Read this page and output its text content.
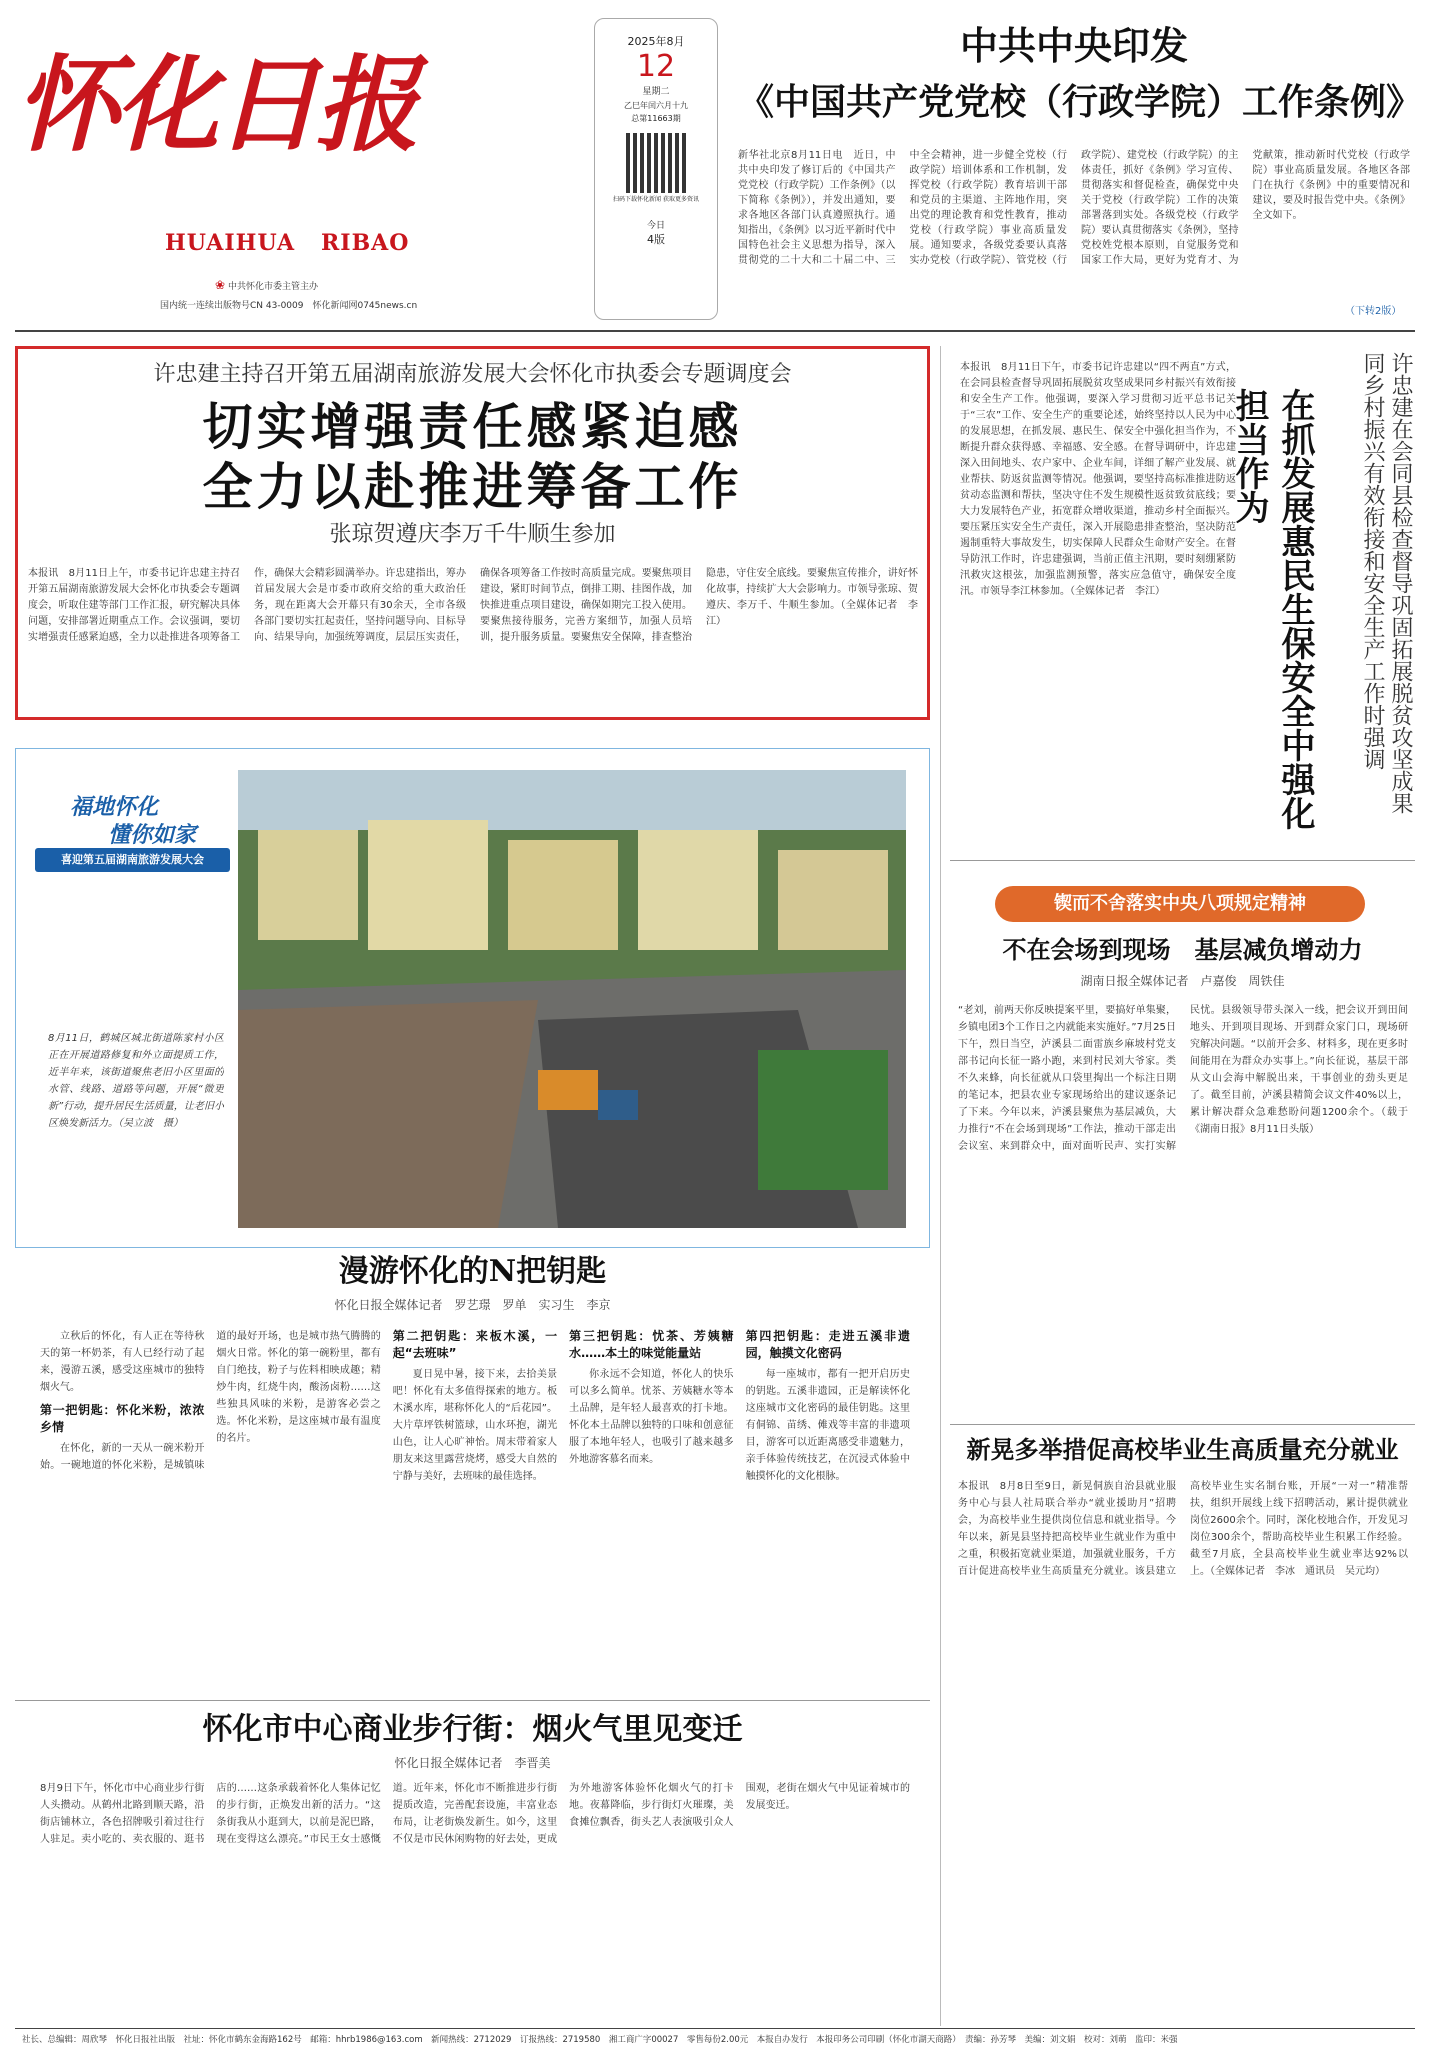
怀化日报
HUAIHUA   RIBAO
❀ 中共怀化市委主管主办
国内统一连续出版物号CN 43-0009　怀化新闻网0745news.cn
2025年8月
12
星期二
乙巳年闰六月十九
总第11663期
扫码下载怀化新闻 获取更多资讯
今日
4版
中共中央印发
《中国共产党党校（行政学院）工作条例》
新华社北京8月11日电　近日，中共中央印发了修订后的《中国共产党党校（行政学院）工作条例》（以下简称《条例》），并发出通知，要求各地区各部门认真遵照执行。通知指出，《条例》以习近平新时代中国特色社会主义思想为指导，深入贯彻党的二十大和二十届二中、三中全会精神，进一步健全党校（行政学院）培训体系和工作机制，发挥党校（行政学院）教育培训干部和党员的主渠道、主阵地作用，突出党的理论教育和党性教育，推动党校（行政学院）事业高质量发展。通知要求，各级党委要认真落实办党校（行政学院）、管党校（行政学院）、建党校（行政学院）的主体责任，抓好《条例》学习宣传、贯彻落实和督促检查，确保党中央关于党校（行政学院）工作的决策部署落到实处。各级党校（行政学院）要认真贯彻落实《条例》，坚持党校姓党根本原则，自觉服务党和国家工作大局，更好为党育才、为党献策，推动新时代党校（行政学院）事业高质量发展。各地区各部门在执行《条例》中的重要情况和建议，要及时报告党中央。《条例》全文如下。
（下转2版）
许忠建主持召开第五届湖南旅游发展大会怀化市执委会专题调度会
切实增强责任感紧迫感
全力以赴推进筹备工作
张琼贺遵庆李万千牛顺生参加
本报讯　8月11日上午，市委书记许忠建主持召开第五届湖南旅游发展大会怀化市执委会专题调度会，听取住建等部门工作汇报，研究解决具体问题，安排部署近期重点工作。会议强调，要切实增强责任感紧迫感，全力以赴推进各项筹备工作，确保大会精彩圆满举办。许忠建指出，筹办首届发展大会是市委市政府交给的重大政治任务，现在距离大会开幕只有30余天，全市各级各部门要切实扛起责任，坚持问题导向、目标导向、结果导向，加强统筹调度，层层压实责任，确保各项筹备工作按时高质量完成。要聚焦项目建设，紧盯时间节点，倒排工期、挂图作战，加快推进重点项目建设，确保如期完工投入使用。要聚焦接待服务，完善方案细节，加强人员培训，提升服务质量。要聚焦安全保障，排查整治隐患，守住安全底线。要聚焦宣传推介，讲好怀化故事，持续扩大大会影响力。市领导张琼、贺遵庆、李万千、牛顺生参加。（全媒体记者　李江）
本报讯　8月11日下午，市委书记许忠建以“四不两直”方式，在会同县检查督导巩固拓展脱贫攻坚成果同乡村振兴有效衔接和安全生产工作。他强调，要深入学习贯彻习近平总书记关于“三农”工作、安全生产的重要论述，始终坚持以人民为中心的发展思想，在抓发展、惠民生、保安全中强化担当作为，不断提升群众获得感、幸福感、安全感。在督导调研中，许忠建深入田间地头、农户家中、企业车间，详细了解产业发展、就业帮扶、防返贫监测等情况。他强调，要坚持高标准推进防返贫动态监测和帮扶，坚决守住不发生规模性返贫致贫底线；要大力发展特色产业，拓宽群众增收渠道，推动乡村全面振兴。要压紧压实安全生产责任，深入开展隐患排查整治，坚决防范遏制重特大事故发生，切实保障人民群众生命财产安全。在督导防汛工作时，许忠建强调，当前正值主汛期，要时刻绷紧防汛救灾这根弦，加强监测预警，落实应急值守，确保安全度汛。市领导李江林参加。（全媒体记者　李江）	在抓发展惠民生保安全中强化担当作为	许忠建在会同县检查督导巩固拓展脱贫攻坚成果同乡村振兴有效衔接和安全生产工作时强调
福地怀化
懂你如家
喜迎第五届湖南旅游发展大会
8月11日，鹤城区城北街道陈家村小区正在开展道路修复和外立面提质工作，近半年来，该街道聚焦老旧小区里面的水管、线路、道路等问题，开展“微更新”行动，提升居民生活质量，让老旧小区焕发新活力。（吴立波　摄）
漫游怀化的N把钥匙
怀化日报全媒体记者　罗艺璟　罗单　实习生　李京

立秋后的怀化，有人正在等待秋天的第一杯奶茶，有人已经行动了起来，漫游五溪，感受这座城市的独特烟火气。

第一把钥匙：怀化米粉，浓浓乡情

在怀化，新的一天从一碗米粉开始。一碗地道的怀化米粉，是城镇味道的最好开场，也是城市热气腾腾的烟火日常。怀化的第一碗粉里，都有自门绝技，粉子与佐料相映成趣；精炒牛肉，红烧牛肉，酸汤卤粉……这些独具风味的米粉，是游客必尝之选。怀化米粉，是这座城市最有温度的名片。

第二把钥匙：来板木溪，一起“去班味”

夏日晃中暑，接下来，去拾美景吧！怀化有太多值得探索的地方。板木溪水库，堪称怀化人的“后花园”。大片草坪铁树篮球，山水环抱，湖光山色，让人心旷神怡。周末带着家人朋友来这里露营烧烤，感受大自然的宁静与美好，去班味的最佳选择。

第三把钥匙：忧茶、芳姨糖水……本土的味觉能量站

你永远不会知道，怀化人的快乐可以多么简单。忧茶、芳姨糖水等本土品牌，是年轻人最喜欢的打卡地。怀化本土品牌以独特的口味和创意征服了本地年轻人，也吸引了越来越多外地游客慕名而来。

第四把钥匙：走进五溪非遗园，触摸文化密码

每一座城市，都有一把开启历史的钥匙。五溪非遗园，正是解读怀化这座城市文化密码的最佳钥匙。这里有侗锦、苗绣、傩戏等丰富的非遗项目，游客可以近距离感受非遗魅力，亲手体验传统技艺，在沉浸式体验中触摸怀化的文化根脉。

怀化市中心商业步行街：烟火气里见变迁
怀化日报全媒体记者　李晋美
8月9日下午，怀化市中心商业步行街人头攒动。从鹤州北路到顺天路，沿街店铺林立，各色招牌吸引着过往行人驻足。卖小吃的、卖衣服的、逛书店的……这条承载着怀化人集体记忆的步行街，正焕发出新的活力。“这条街我从小逛到大，以前是泥巴路，现在变得这么漂亮。”市民王女士感慨道。近年来，怀化市不断推进步行街提质改造，完善配套设施，丰富业态布局，让老街焕发新生。如今，这里不仅是市民休闲购物的好去处，更成为外地游客体验怀化烟火气的打卡地。夜幕降临，步行街灯火璀璨，美食摊位飘香，街头艺人表演吸引众人围观，老街在烟火气中见证着城市的发展变迁。
锲而不舍落实中央八项规定精神
不在会场到现场　基层减负增动力
湖南日报全媒体记者　卢嘉俊　周铁佳
“老刘，前两天你反映提案平里，要搞好单集聚，乡镇电团3个工作日之内就能来实施好。”7月25日下午，烈日当空，泸溪县二面雷族乡麻坡村党支部书记向长征一路小跑，来到村民刘大爷家。类不久来蜂，向长征就从口袋里掏出一个标注日期的笔记本，把县农业专家现场给出的建议逐条记了下来。今年以来，泸溪县聚焦为基层减负，大力推行“不在会场到现场”工作法，推动干部走出会议室、来到群众中，面对面听民声、实打实解民忧。县级领导带头深入一线，把会议开到田间地头、开到项目现场、开到群众家门口，现场研究解决问题。“以前开会多、材料多，现在更多时间能用在为群众办实事上。”向长征说，基层干部从文山会海中解脱出来，干事创业的劲头更足了。截至目前，泸溪县精简会议文件40%以上，累计解决群众急难愁盼问题1200余个。（载于《湖南日报》8月11日头版）
新晃多举措促高校毕业生高质量充分就业
本报讯　8月8日至9日，新晃侗族自治县就业服务中心与县人社局联合举办“就业援助月”招聘会，为高校毕业生提供岗位信息和就业指导。今年以来，新晃县坚持把高校毕业生就业作为重中之重，积极拓宽就业渠道，加强就业服务，千方百计促进高校毕业生高质量充分就业。该县建立高校毕业生实名制台账，开展“一对一”精准帮扶，组织开展线上线下招聘活动，累计提供就业岗位2600余个。同时，深化校地合作，开发见习岗位300余个，帮助高校毕业生积累工作经验。截至7月底，全县高校毕业生就业率达92%以上。（全媒体记者　李冰　通讯员　吴元均）
社长、总编辑：周欣琴　怀化日报社出版　社址：怀化市鹤东金海路162号　邮箱：hhrb1986@163.com　新闻热线：2712029　订报热线：2719580　湘工商广字00027　零售每份2.00元　本报自办发行　本报印务公司印刷（怀化市湖天商路）　责编：孙芳琴　美编：刘文娟　校对：刘萌　监印：米强
